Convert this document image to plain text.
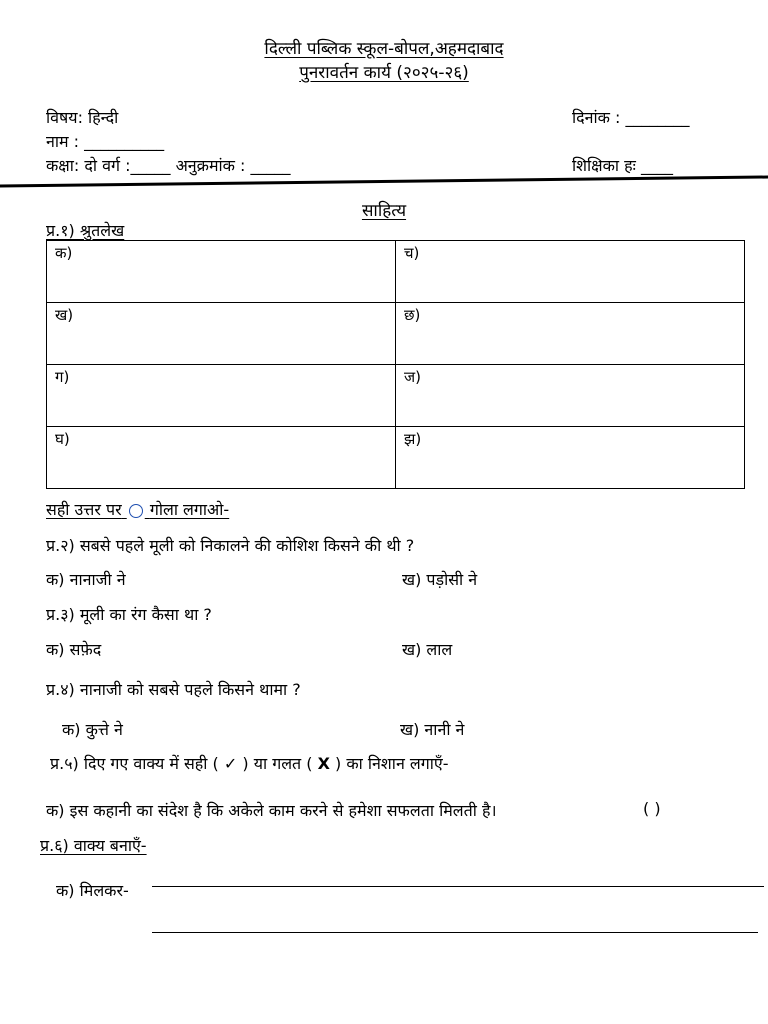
दिल्ली पब्लिक स्कूल-बोपल,अहमदाबाद
पुनरावर्तन कार्य (२०२५-२६)
विषय: हिन्दी	दिनांक : ________
नाम : __________
कक्षा: दो वर्ग :_____ अनुक्रमांक : _____	शिक्षिका हः ____
साहित्य
प्र.१) श्रुतलेख
क)	च)
ख)	छ)
ग)	ज)
घ)	झ)
सही उत्तर पर गोला लगाओ-
प्र.२) सबसे पहले मूली को निकालने की कोशिश किसने की थी ?
क) नानाजी ने	ख) पड़ोसी ने
प्र.३) मूली का रंग कैसा था ?
क) सफ़ेद	ख) लाल
प्र.४) नानाजी को सबसे पहले किसने थामा ?
क) कुत्ते ने	ख) नानी ने
प्र.५) दिए गए वाक्य में सही ( ✓ ) या गलत ( X ) का निशान लगाएँ-
क) इस कहानी का संदेश है कि अकेले काम करने से हमेशा सफलता मिलती है।	( )
प्र.६) वाक्य बनाएँ-
क) मिलकर-
